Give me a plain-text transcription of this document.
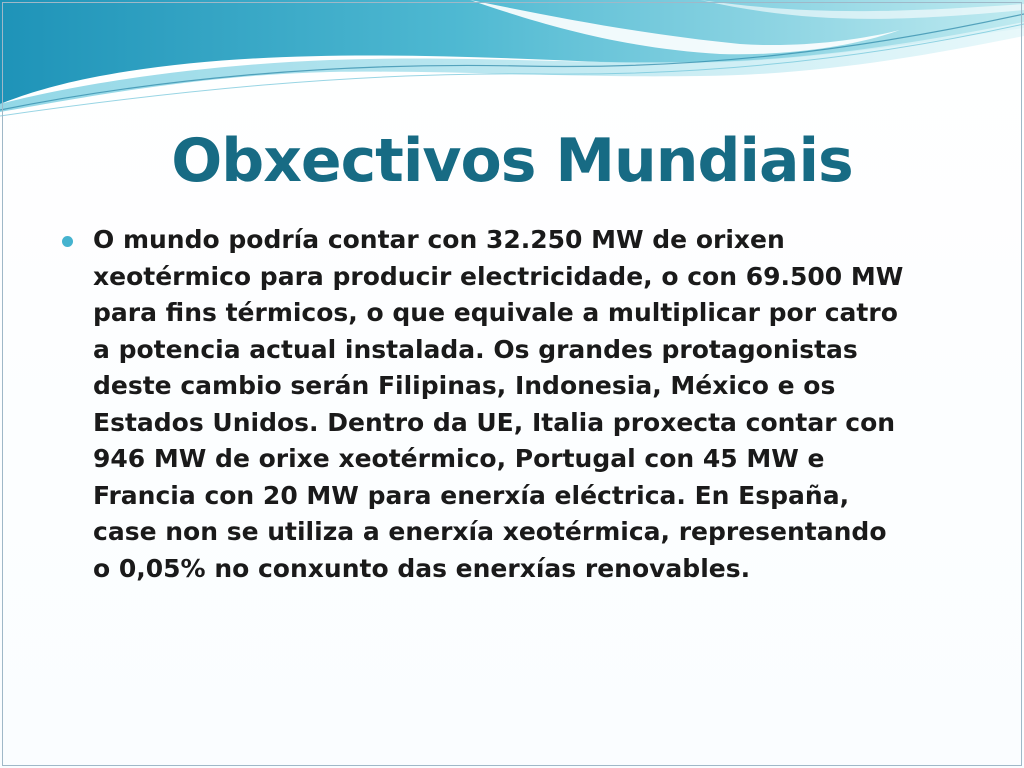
Obxectivos Mundiais
O mundo podría contar con 32.250 MW de orixen
xeotérmico para producir electricidade, o con 69.500 MW
para fins térmicos, o que equivale a multiplicar por catro
a potencia actual instalada. Os grandes protagonistas
deste cambio serán Filipinas, Indonesia, México e os
Estados Unidos. Dentro da UE, Italia proxecta contar con
946 MW de orixe xeotérmico, Portugal con 45 MW e
Francia con 20 MW para enerxía eléctrica. En España,
case non se utiliza a enerxía xeotérmica, representando
o 0,05% no conxunto das enerxías renovables.
